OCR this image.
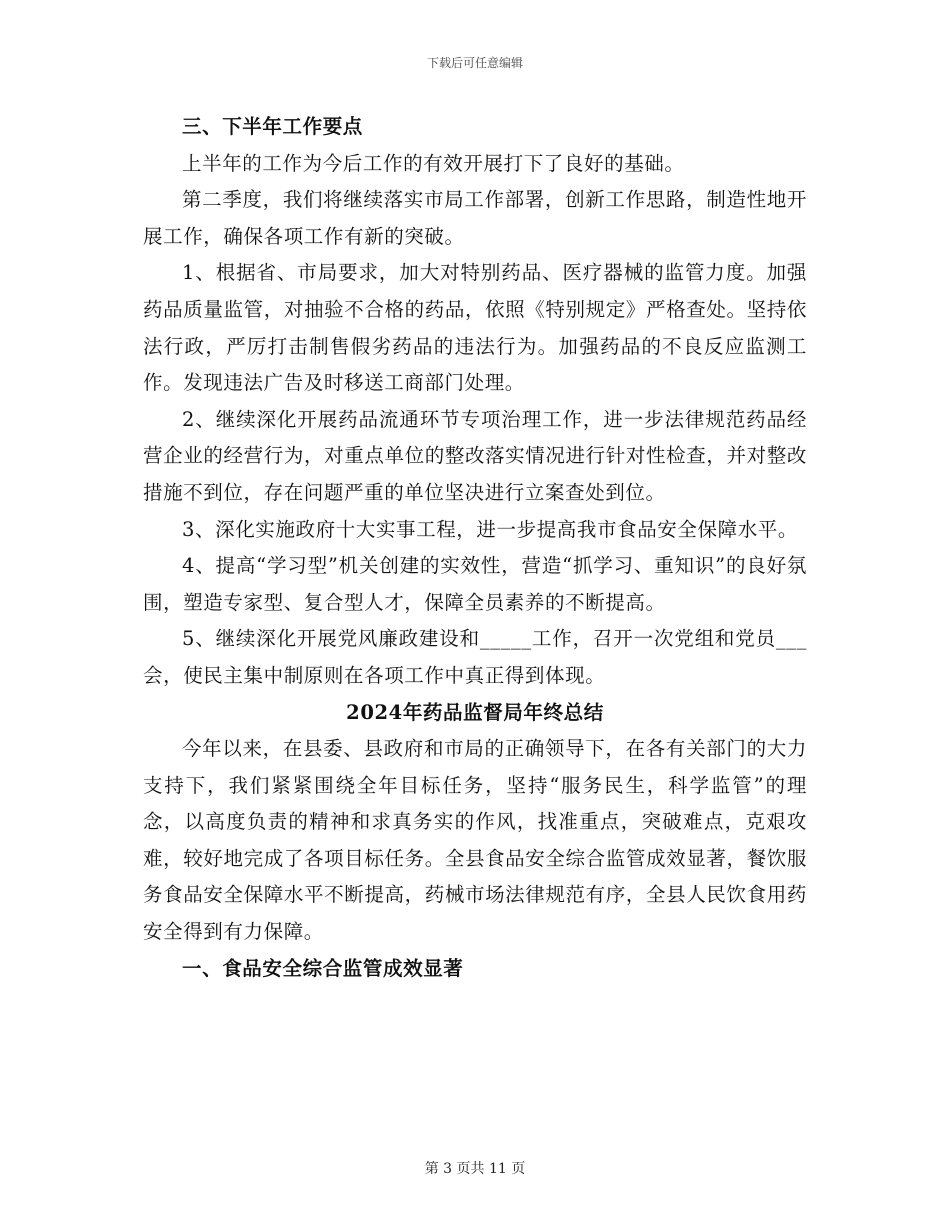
下载后可任意编辑

三、下半年工作要点

上半年的工作为今后工作的有效开展打下了良好的基础。

第二季度，我们将继续落实市局工作部署，创新工作思路，制造性地开展工作，确保各项工作有新的突破。

1、根据省、市局要求，加大对特别药品、医疗器械的监管力度。加强药品质量监管，对抽验不合格的药品，依照《特别规定》严格查处。坚持依法行政，严厉打击制售假劣药品的违法行为。加强药品的不良反应监测工作。发现违法广告及时移送工商部门处理。

2、继续深化开展药品流通环节专项治理工作，进一步法律规范药品经营企业的经营行为，对重点单位的整改落实情况进行针对性检查，并对整改措施不到位，存在问题严重的单位坚决进行立案查处到位。

3、深化实施政府十大实事工程，进一步提高我市食品安全保障水平。

4、提高“学习型”机关创建的实效性，营造“抓学习、重知识”的良好氛围，塑造专家型、复合型人才，保障全员素养的不断提高。

5、继续深化开展党风廉政建设和_____工作，召开一次党组和党员___会，使民主集中制原则在各项工作中真正得到体现。

2024年药品监督局年终总结

今年以来，在县委、县政府和市局的正确领导下，在各有关部门的大力支持下，我们紧紧围绕全年目标任务，坚持“服务民生，科学监管”的理念，以高度负责的精神和求真务实的作风，找准重点，突破难点，克艰攻难，较好地完成了各项目标任务。全县食品安全综合监管成效显著，餐饮服务食品安全保障水平不断提高，药械市场法律规范有序，全县人民饮食用药安全得到有力保障。

一、食品安全综合监管成效显著

第 3 页共 11 页
